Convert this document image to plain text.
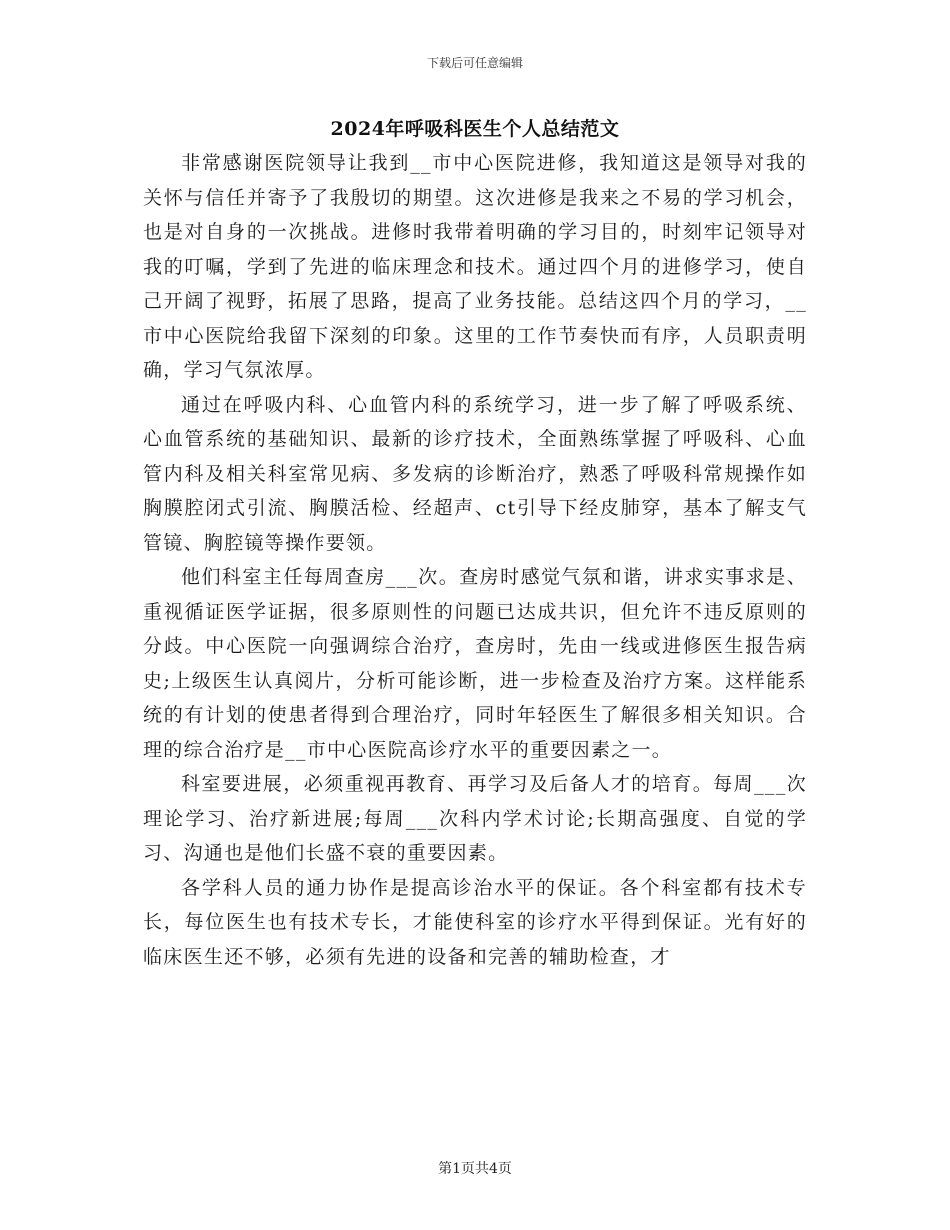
下载后可任意编辑
2024年呼吸科医生个人总结范文

非常感谢医院领导让我到__市中心医院进修，我知道这是领导对我的关怀与信任并寄予了我殷切的期望。这次进修是我来之不易的学习机会，也是对自身的一次挑战。进修时我带着明确的学习目的，时刻牢记领导对我的叮嘱，学到了先进的临床理念和技术。通过四个月的进修学习，使自己开阔了视野，拓展了思路，提高了业务技能。总结这四个月的学习，__市中心医院给我留下深刻的印象。这里的工作节奏快而有序，人员职责明确，学习气氛浓厚。

通过在呼吸内科、心血管内科的系统学习，进一步了解了呼吸系统、心血管系统的基础知识、最新的诊疗技术，全面熟练掌握了呼吸科、心血管内科及相关科室常见病、多发病的诊断治疗，熟悉了呼吸科常规操作如胸膜腔闭式引流、胸膜活检、经超声、ct引导下经皮肺穿，基本了解支气管镜、胸腔镜等操作要领。

他们科室主任每周查房___次。查房时感觉气氛和谐，讲求实事求是、重视循证医学证据，很多原则性的问题已达成共识，但允许不违反原则的分歧。中心医院一向强调综合治疗，查房时，先由一线或进修医生报告病史;上级医生认真阅片，分析可能诊断，进一步检查及治疗方案。这样能系统的有计划的使患者得到合理治疗，同时年轻医生了解很多相关知识。合理的综合治疗是__市中心医院高诊疗水平的重要因素之一。

科室要进展，必须重视再教育、再学习及后备人才的培育。每周___次理论学习、治疗新进展;每周___次科内学术讨论;长期高强度、自觉的学习、沟通也是他们长盛不衰的重要因素。

各学科人员的通力协作是提高诊治水平的保证。各个科室都有技术专长，每位医生也有技术专长，才能使科室的诊疗水平得到保证。光有好的临床医生还不够，必须有先进的设备和完善的辅助检查，才

第1页共4页
